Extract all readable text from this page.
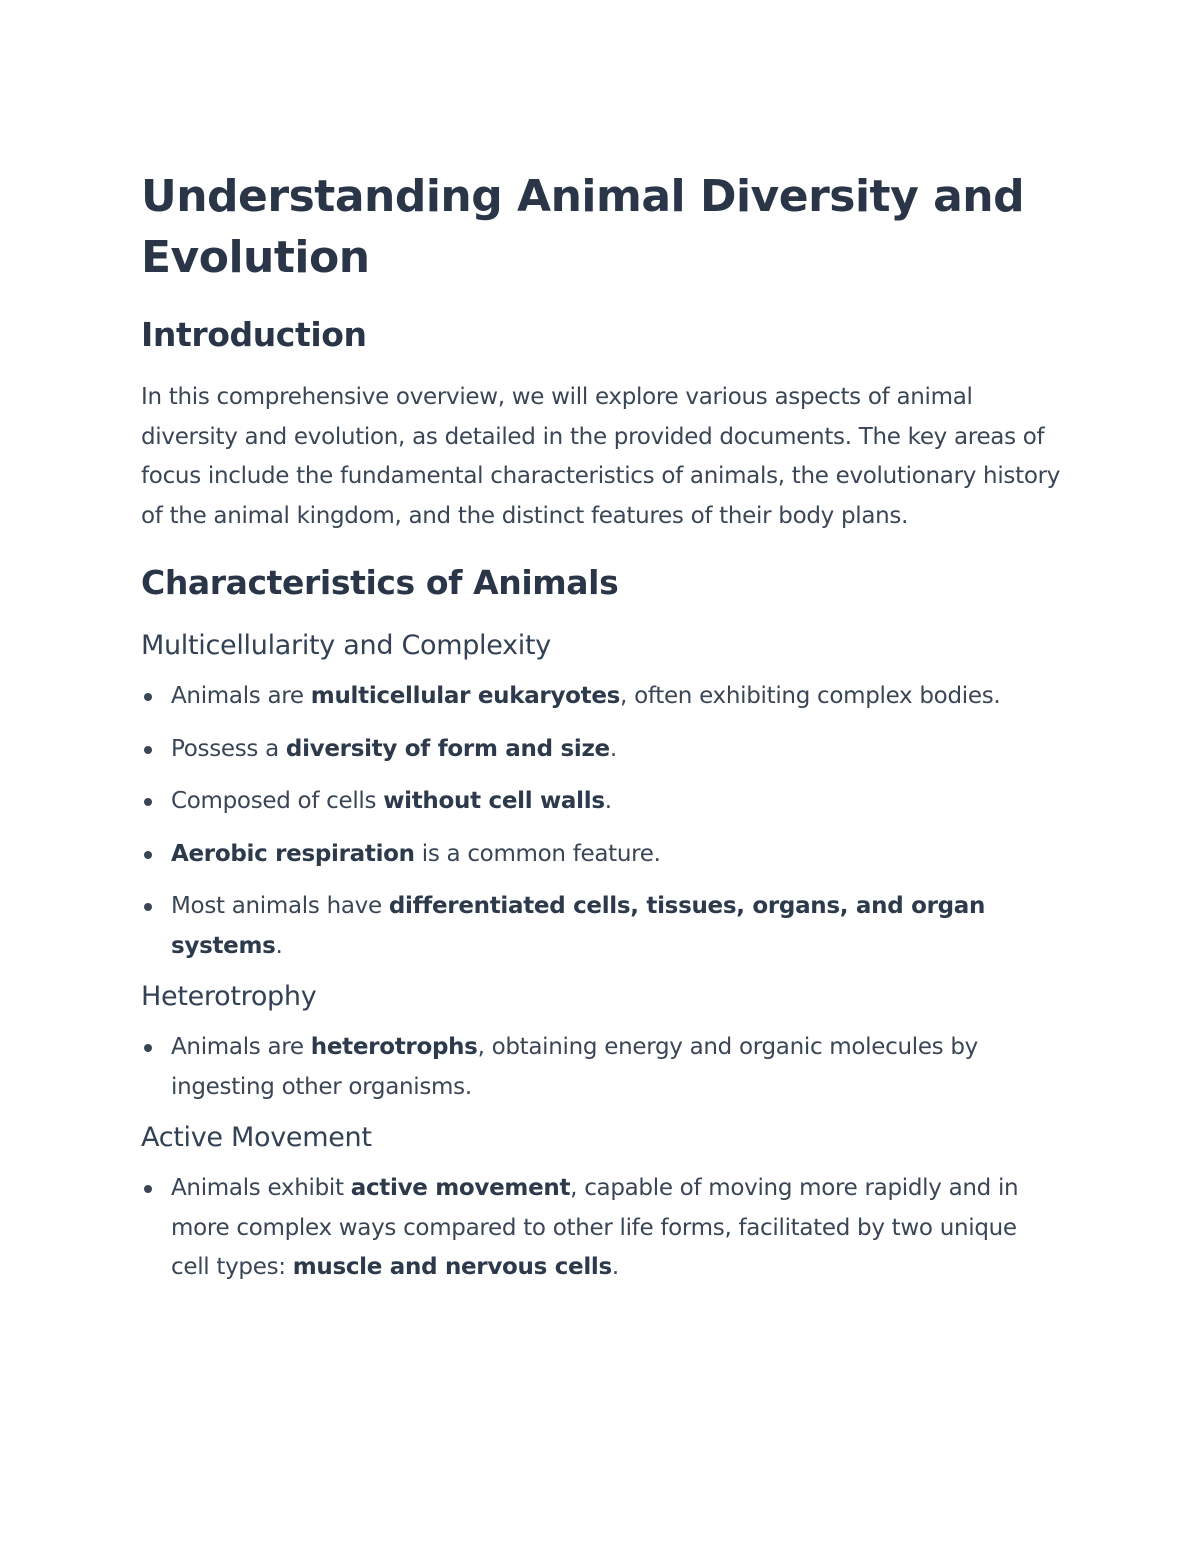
Understanding Animal Diversity and Evolution
Introduction

In this comprehensive overview, we will explore various aspects of animal diversity and evolution, as detailed in the provided documents. The key areas of focus include the fundamental characteristics of animals, the evolutionary history of the animal kingdom, and the distinct features of their body plans.

Characteristics of Animals
Multicellularity and Complexity
Animals are multicellular eukaryotes, often exhibiting complex bodies.
Possess a diversity of form and size.
Composed of cells without cell walls.
Aerobic respiration is a common feature.
Most animals have differentiated cells, tissues, organs, and organ systems.
Heterotrophy
Animals are heterotrophs, obtaining energy and organic molecules by ingesting other organisms.
Active Movement
Animals exhibit active movement, capable of moving more rapidly and in more complex ways compared to other life forms, facilitated by two unique cell types: muscle and nervous cells.
